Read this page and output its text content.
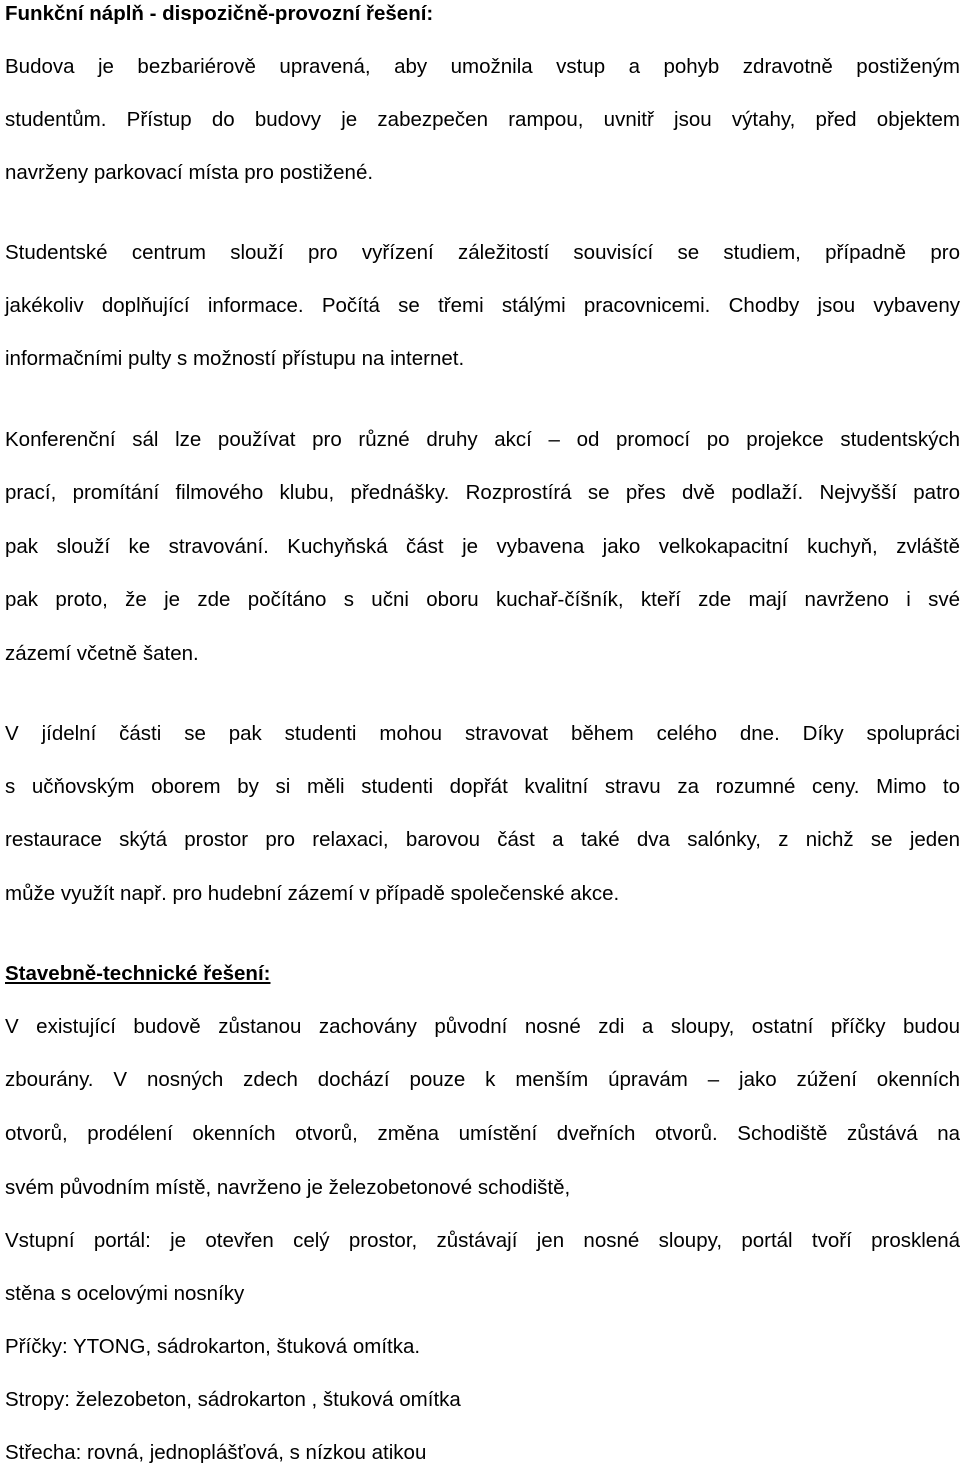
Funkční náplň - dispozičně-provozní řešení:
Budova je bezbariérově upravená, aby umožnila vstup a pohyb zdravotně postiženým
studentům. Přístup do budovy je zabezpečen rampou, uvnitř jsou výtahy, před objektem
navrženy parkovací místa pro postižené.
Studentské centrum slouží pro vyřízení záležitostí souvisící se studiem, případně pro
jakékoliv doplňující informace. Počítá se třemi stálými pracovnicemi. Chodby jsou vybaveny
informačními pulty s možností přístupu na internet.
Konferenční sál lze používat pro různé druhy akcí – od promocí po projekce studentských
prací, promítání filmového klubu, přednášky. Rozprostírá se přes dvě podlaží. Nejvyšší patro
pak slouží ke stravování. Kuchyňská část je vybavena jako velkokapacitní kuchyň, zvláště
pak proto, že je zde počítáno s učni oboru kuchař-číšník, kteří zde mají navrženo i své
zázemí včetně šaten.
V jídelní části se pak studenti mohou stravovat během celého dne. Díky spolupráci
s učňovským oborem by si měli studenti dopřát kvalitní stravu za rozumné ceny. Mimo to
restaurace skýtá prostor pro relaxaci, barovou část a také dva salónky, z nichž se jeden
může využít např. pro hudební zázemí v případě společenské akce.
Stavebně-technické řešení:
V existující budově zůstanou zachovány původní nosné zdi a sloupy, ostatní příčky budou
zbourány. V nosných zdech dochází pouze k menším úpravám – jako zúžení okenních
otvorů, prodélení okenních otvorů, změna umístění dveřních otvorů. Schodiště zůstává na
svém původním místě, navrženo je železobetonové schodiště,
Vstupní portál: je otevřen celý prostor, zůstávají jen nosné sloupy, portál tvoří prosklená
stěna s ocelovými nosníky
Příčky: YTONG, sádrokarton, štuková omítka.
Stropy: železobeton, sádrokarton , štuková omítka
Střecha: rovná, jednoplášťová, s nízkou atikou
